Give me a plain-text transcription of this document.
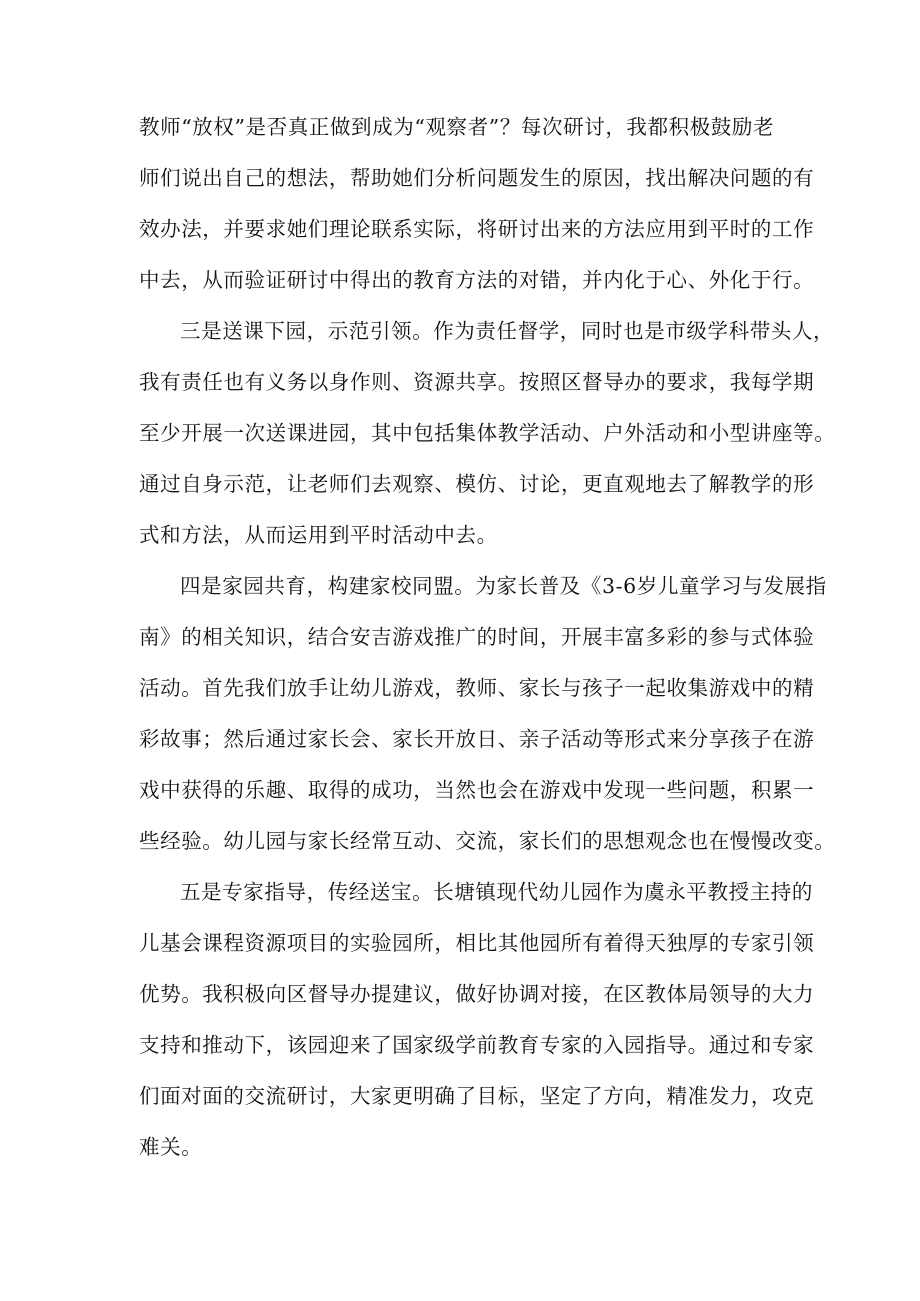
教师“放权”是否真正做到成为“观察者”？每次研讨，我都积极鼓励老
师们说出自己的想法，帮助她们分析问题发生的原因，找出解决问题的有
效办法，并要求她们理论联系实际，将研讨出来的方法应用到平时的工作
中去，从而验证研讨中得出的教育方法的对错，并内化于心、外化于行。
三是送课下园，示范引领。作为责任督学，同时也是市级学科带头人，
我有责任也有义务以身作则、资源共享。按照区督导办的要求，我每学期
至少开展一次送课进园，其中包括集体教学活动、户外活动和小型讲座等。
通过自身示范，让老师们去观察、模仿、讨论，更直观地去了解教学的形
式和方法，从而运用到平时活动中去。
四是家园共育，构建家校同盟。为家长普及《3-6岁儿童学习与发展指
南》的相关知识，结合安吉游戏推广的时间，开展丰富多彩的参与式体验
活动。首先我们放手让幼儿游戏，教师、家长与孩子一起收集游戏中的精
彩故事；然后通过家长会、家长开放日、亲子活动等形式来分享孩子在游
戏中获得的乐趣、取得的成功，当然也会在游戏中发现一些问题，积累一
些经验。幼儿园与家长经常互动、交流，家长们的思想观念也在慢慢改变。
五是专家指导，传经送宝。长塘镇现代幼儿园作为虞永平教授主持的
儿基会课程资源项目的实验园所，相比其他园所有着得天独厚的专家引领
优势。我积极向区督导办提建议，做好协调对接，在区教体局领导的大力
支持和推动下，该园迎来了国家级学前教育专家的入园指导。通过和专家
们面对面的交流研讨，大家更明确了目标，坚定了方向，精准发力，攻克
难关。
